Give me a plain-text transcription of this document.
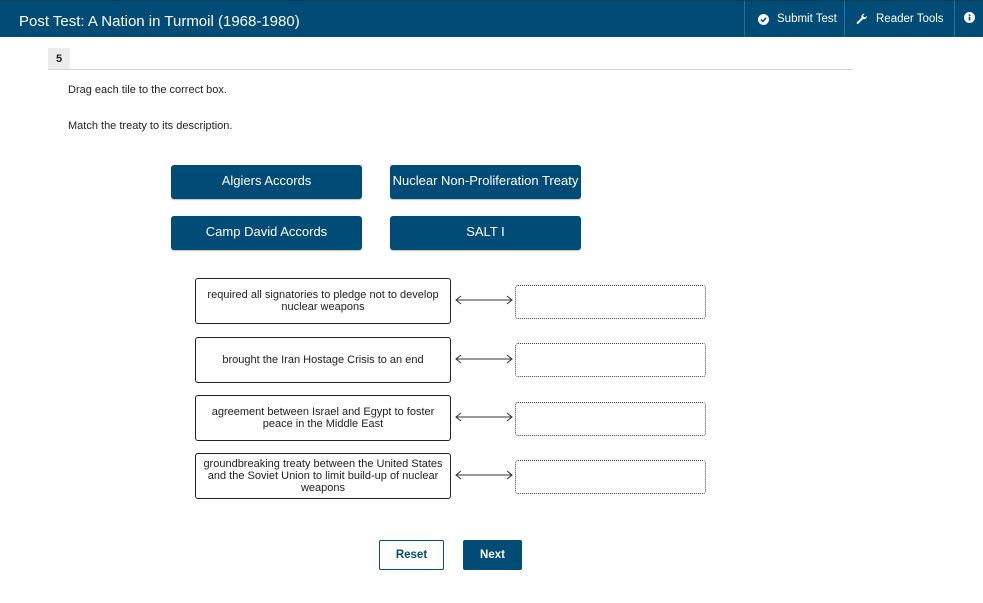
Post Test: A Nation in Turmoil (1968-1980)	Submit Test	Reader Tools
5
Drag each tile to the correct box.
Match the treaty to its description.
Algiers Accords	Nuclear Non-Proliferation Treaty
Camp David Accords	SALT I
required all signatories to pledge not to develop nuclear weapons
brought the Iran Hostage Crisis to an end
agreement between Israel and Egypt to foster peace in the Middle East
groundbreaking treaty between the United States and the Soviet Union to limit build-up of nuclear weapons
Reset	Next
